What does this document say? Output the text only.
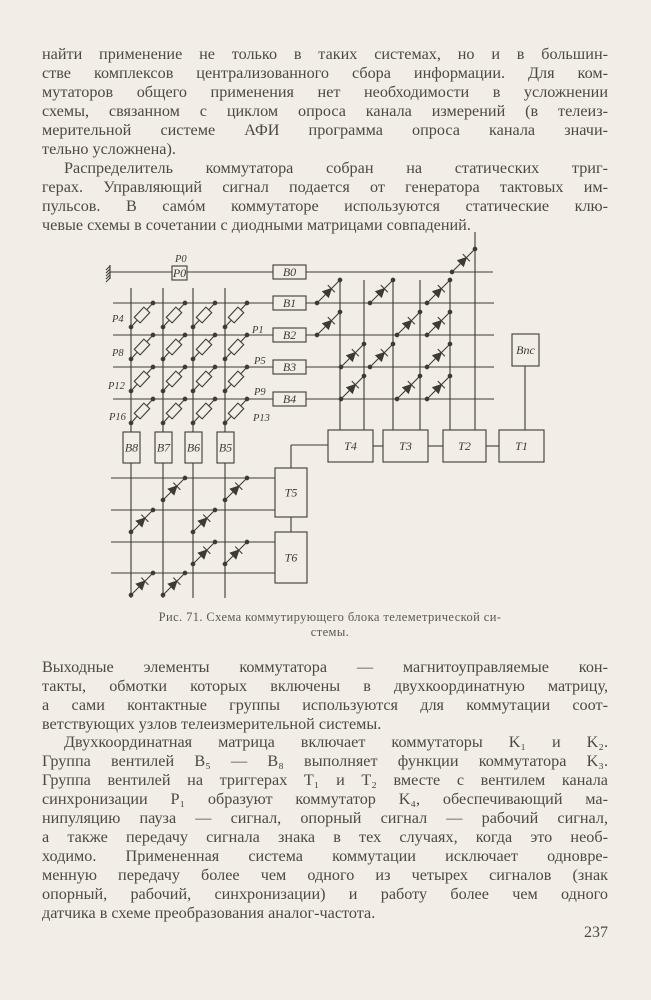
найти применение не только в таких системах, но и в большин-
стве комплексов централизованного сбора информации. Для ком-
мутаторов общего применения нет необходимости в усложнении
схемы, связанном с циклом опроса канала измерений (в телеиз-
мерительной системе АФИ программа опроса канала значи-
тельно усложнена).
Распределитель коммутатора собран на статических триг-
герах. Управляющий сигнал подается от генератора тактовых им-
пульсов. В самóм коммутаторе используются статические клю-
чевые схемы в сочетании с диодными матрицами совпадений.
P0	B0
B1
B2
B3
B4
B8 B7 B6 B5
Bпс
T4	T3	T2	T1
T5
T6
P0
P4
P8
P12
P16
P1
P5
P9
P13
Рис. 71. Схема коммутирующего блока телеметрической си-
стемы.
Выходные элементы коммутатора — магнитоуправляемые кон-
такты, обмотки которых включены в двухкоординатную матрицу,
а сами контактные группы используются для коммутации соот-
ветствующих узлов телеизмерительной системы.
Двухкоординатная матрица включает коммутаторы K₁ и K₂.
Группа вентилей B₅ — B₈ выполняет функции коммутатора K₃.
Группа вентилей на триггерах T₁ и T₂ вместе с вентилем канала
синхронизации P₁ образуют коммутатор K₄, обеспечивающий ма-
нипуляцию пауза — сигнал, опорный сигнал — рабочий сигнал,
а также передачу сигнала знака в тех случаях, когда это необ-
ходимо. Примененная система коммутации исключает одновре-
менную передачу более чем одного из четырех сигналов (знак
опорный, рабочий, синхронизации) и работу более чем одного
датчика в схеме преобразования аналог-частота.
237
